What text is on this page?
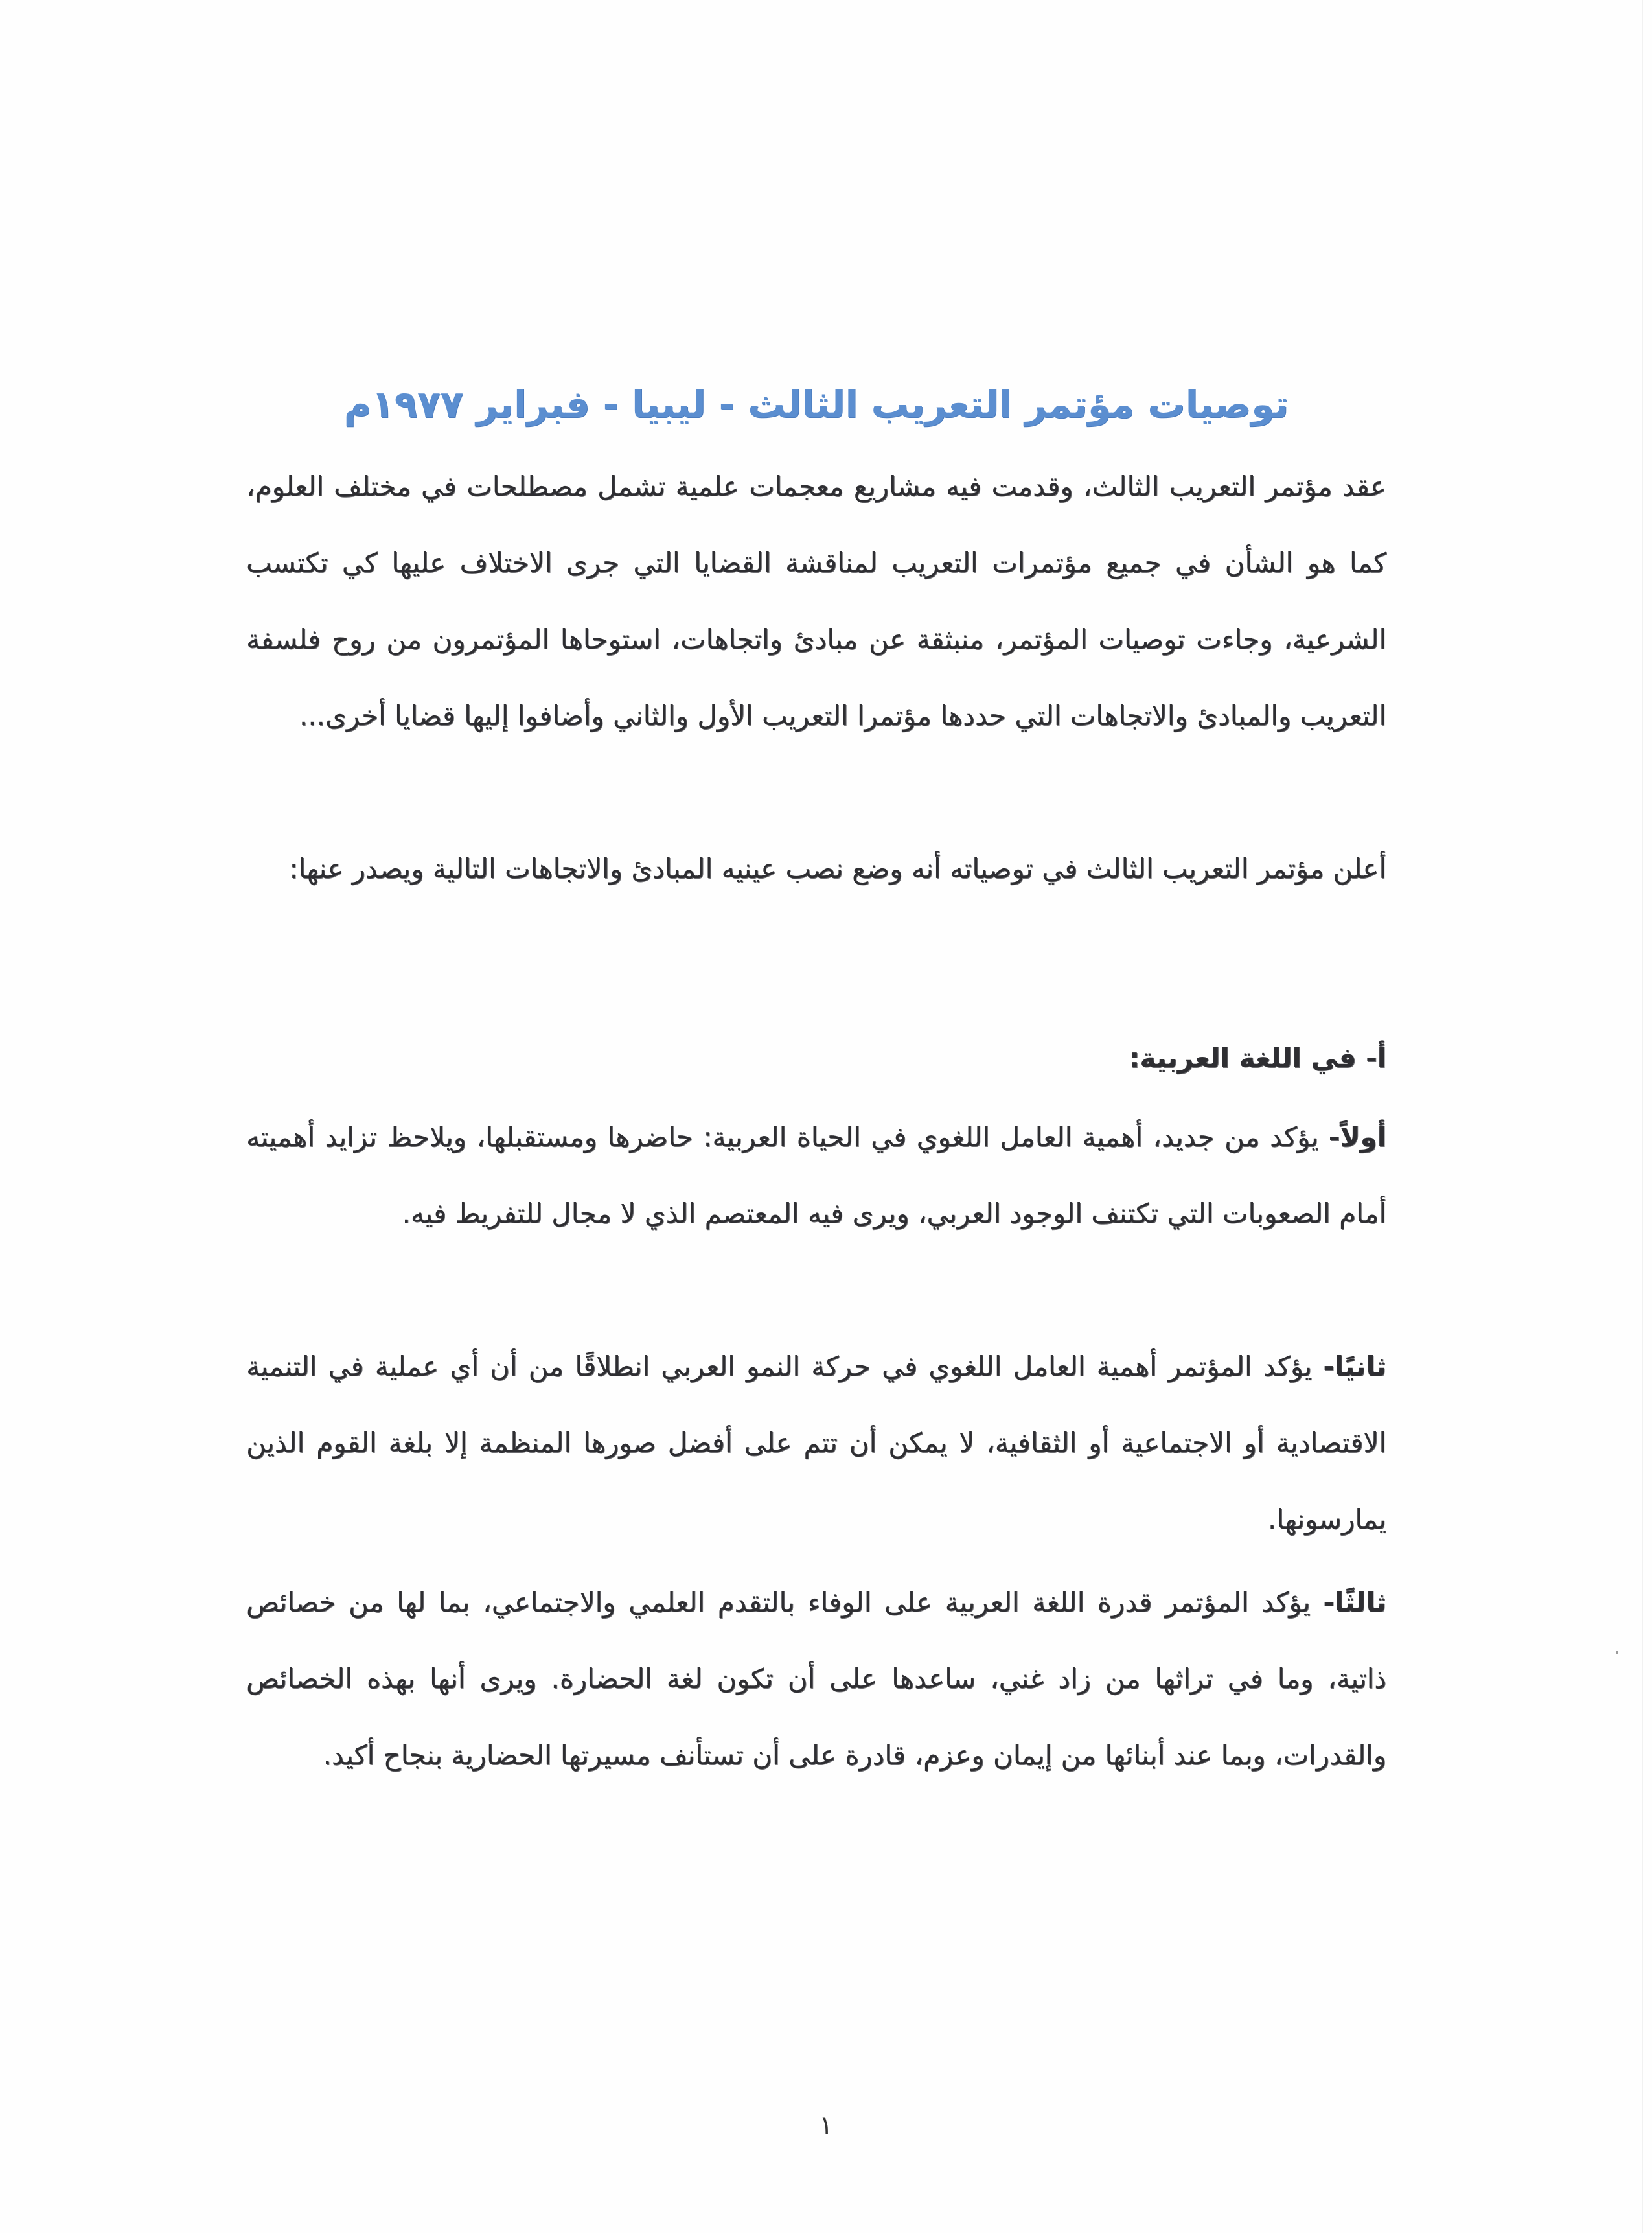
توصيات مؤتمر التعريب الثالث - ليبيا - فبراير ١٩٧٧م

عقد مؤتمر التعريب الثالث، وقدمت فيه مشاريع معجمات علمية تشمل مصطلحات في مختلف العلوم، كما هو الشأن في جميع مؤتمرات التعريب لمناقشة القضايا التي جرى الاختلاف عليها كي تكتسب الشرعية، وجاءت توصيات المؤتمر، منبثقة عن مبادئ واتجاهات، استوحاها المؤتمرون من روح فلسفة التعريب والمبادئ والاتجاهات التي حددها مؤتمرا التعريب الأول والثاني وأضافوا إليها قضايا أخرى...

أعلن مؤتمر التعريب الثالث في توصياته أنه وضع نصب عينيه المبادئ والاتجاهات التالية ويصدر عنها:

أ- في اللغة العربية:

أولاً- يؤكد من جديد، أهمية العامل اللغوي في الحياة العربية: حاضرها ومستقبلها، ويلاحظ تزايد أهميته أمام الصعوبات التي تكتنف الوجود العربي، ويرى فيه المعتصم الذي لا مجال للتفريط فيه.

ثانيًا- يؤكد المؤتمر أهمية العامل اللغوي في حركة النمو العربي انطلاقًا من أن أي عملية في التنمية الاقتصادية أو الاجتماعية أو الثقافية، لا يمكن أن تتم على أفضل صورها المنظمة إلا بلغة القوم الذين يمارسونها.

ثالثًا- يؤكد المؤتمر قدرة اللغة العربية على الوفاء بالتقدم العلمي والاجتماعي، بما لها من خصائص ذاتية، وما في تراثها من زاد غني، ساعدها على أن تكون لغة الحضارة. ويرى أنها بهذه الخصائص والقدرات، وبما عند أبنائها من إيمان وعزم، قادرة على أن تستأنف مسيرتها الحضارية بنجاح أكيد.

١
